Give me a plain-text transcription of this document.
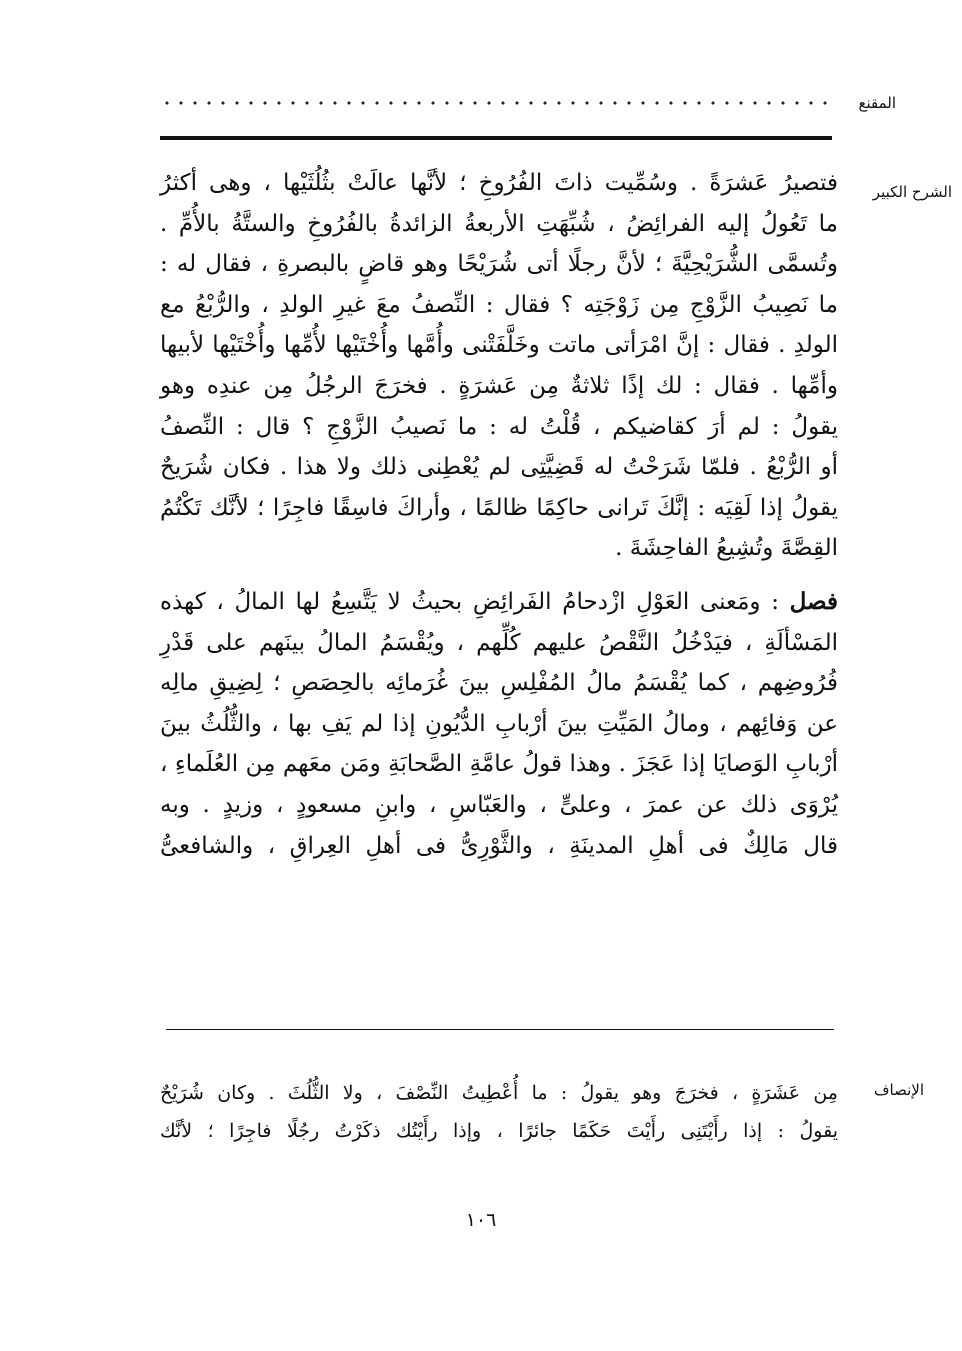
المقنع
الشرح الكبير
فتصيرُ عَشرَةً . وسُمِّيت ذاتَ الفُرُوخِ ؛ لأنَّها عالَتْ بثُلُثَيْها ، وهى أكثرُ
ما تَعُولُ إليه الفرائِضُ ، شُبِّهَتِ الأربعةُ الزائدةُ بالفُرُوخِ والستَّةُ بالأُمِّ .
وتُسمَّى الشُّرَيْحِيَّةَ ؛ لأنَّ رجلًا أتى شُرَيْحًا وهو قاضٍ بالبصرةِ ، فقال له :
ما نَصِيبُ الزَّوْجِ مِن زَوْجَتِه ؟ فقال : النِّصفُ معَ غيرِ الولدِ ، والرُّبْعُ مع
الولدِ . فقال : إنَّ امْرَأتى ماتت وخَلَّفَتْنى وأُمَّها وأُخْتَيْها لأُمِّها وأُخْتَيْها لأبيها
وأمِّها . فقال : لك إذًا ثلاثةٌ مِن عَشرَةٍ . فخرَجَ الرجُلُ مِن عندِه وهو
يقولُ : لم أرَ كقاضيكم ، قُلْتُ له : ما نَصيبُ الزَّوْجِ ؟ قال : النِّصفُ
أو الرُّبْعُ . فلمّا شَرَحْتُ له قَضِيَّتِى لم يُعْطِنى ذلك ولا هذا . فكان شُرَيحٌ
يقولُ إذا لَقِيَه : إنَّكَ تَرانى حاكِمًا ظالمًا ، وأراكَ فاسِقًا فاجِرًا ؛ لأنَّك تَكْتُمُ
القِصَّةَ وتُشِيعُ الفاحِشَةَ .
فصل : ومَعنى العَوْلِ ازْدحامُ الفَرائِضِ بحيثُ لا يَتَّسِعُ لها المالُ ، كهذه
المَسْألَةِ ، فيَدْخُلُ النَّقْصُ عليهم كُلِّهم ، ويُقْسَمُ المالُ بينَهم على قَدْرِ
فُرُوضِهم ، كما يُقْسَمُ مالُ المُفْلِسِ بينَ غُرَمائِه بالحِصَصِ ؛ لِضِيقِ مالِه
عن وَفائِهم ، ومالُ المَيِّتِ بينَ أرْبابِ الدُّيُونِ إذا لم يَفِ بها ، والثُّلُثُ بينَ
أرْبابِ الوَصايَا إذا عَجَزَ . وهذا قولُ عامَّةِ الصَّحابَةِ ومَن معَهم مِن العُلَماءِ ،
يُرْوَى ذلك عن عمرَ ، وعلىٍّ ، والعَبّاسِ ، وابنِ مسعودٍ ، وزيدٍ . وبه
قال مَالِكٌ فى أهلِ المدينَةِ ، والثَّوْرِىُّ فى أهلِ العِراقِ ، والشافعىُّ
الإنصاف
مِن عَشَرَةٍ ، فخرَجَ وهو يقولُ : ما أُعْطِيتُ النِّصْفَ ، ولا الثُّلُثَ . وكان شُرَيْحٌ
يقولُ : إذا رأَيْتَنِى رأَيْتَ حَكَمًا جائرًا ، وإذا رأَيْتُك ذكَرْتُ رجُلًا فاجِرًا ؛ لأنَّك
١٠٦
